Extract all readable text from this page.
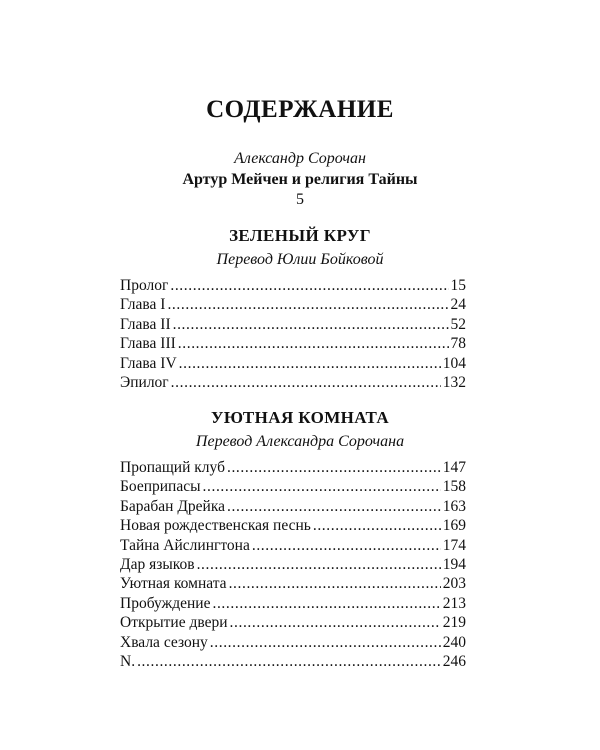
СОДЕРЖАНИЕ
Александр Сорочан
Артур Мейчен и религия Тайны
5
ЗЕЛЕНЫЙ КРУГ
Перевод Юлии Бойковой
Пролог .....	15
Глава I .....	24
Глава II .....	52
Глава III .....	78
Глава IV .....	104
Эпилог .....	132
УЮТНАЯ КОМНАТА
Перевод Александра Сорочана
Пропащий клуб .....	147
Боеприпасы .....	158
Барабан Дрейка .....	163
Новая рождественская песнь .....	169
Тайна Айслингтона .....	174
Дар языков .....	194
Уютная комната .....	203
Пробуждение .....	213
Открытие двери .....	219
Хвала сезону .....	240
N. .....	246
